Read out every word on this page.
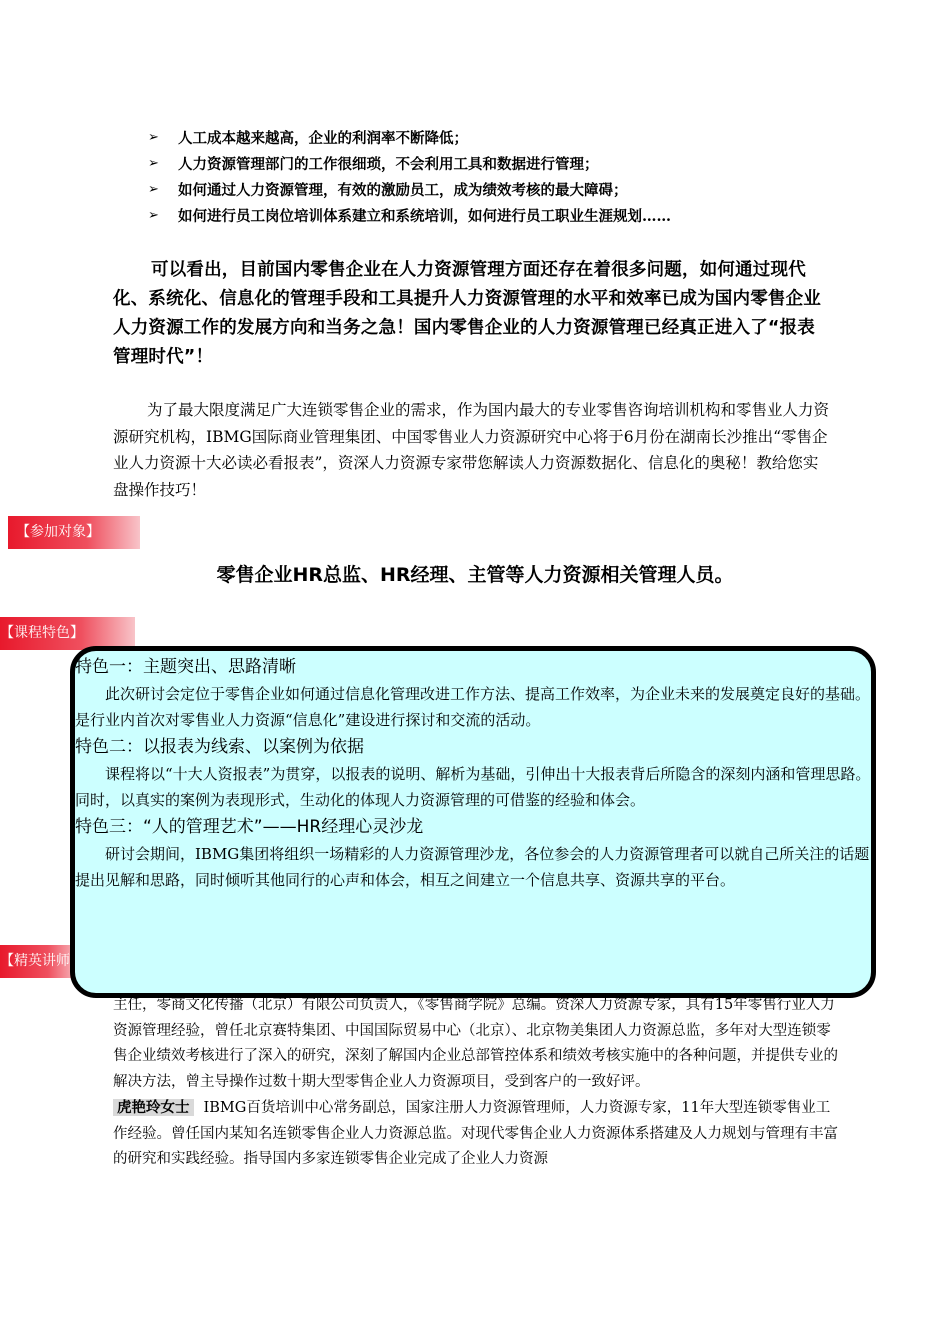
➢	人工成本越来越高，企业的利润率不断降低；
➢	人力资源管理部门的工作很细琐，不会利用工具和数据进行管理；
➢	如何通过人力资源管理，有效的激励员工，成为绩效考核的最大障碍；
➢	如何进行员工岗位培训体系建立和系统培训，如何进行员工职业生涯规划……

可以看出，目前国内零售企业在人力资源管理方面还存在着很多问题，如何通过现代化、系统化、信息化的管理手段和工具提升人力资源管理的水平和效率已成为国内零售企业人力资源工作的发展方向和当务之急！国内零售企业的人力资源管理已经真正进入了“报表管理时代”！

为了最大限度满足广大连锁零售企业的需求，作为国内最大的专业零售咨询培训机构和零售业人力资源研究机构，IBMG国际商业管理集团、中国零售业人力资源研究中心将于6月份在湖南长沙推出“零售企业人力资源十大必读必看报表”，资深人力资源专家带您解读人力资源数据化、信息化的奥秘！教给您实盘操作技巧！

【参加对象】

零售企业HR总监、HR经理、主管等人力资源相关管理人员。

【课程特色】
【精英讲师
特色一：主题突出、思路清晰

此次研讨会定位于零售企业如何通过信息化管理改进工作方法、提高工作效率，为企业未来的发展奠定良好的基础。是行业内首次对零售业人力资源“信息化”建设进行探讨和交流的活动。

特色二：以报表为线索、以案例为依据

课程将以“十大人资报表”为贯穿，以报表的说明、解析为基础，引伸出十大报表背后所隐含的深刻内涵和管理思路。同时，以真实的案例为表现形式，生动化的体现人力资源管理的可借鉴的经验和体会。

特色三：“人的管理艺术”——HR经理心灵沙龙

研讨会期间，IBMG集团将组织一场精彩的人力资源管理沙龙，各位参会的人力资源管理者可以就自己所关注的话题提出见解和思路，同时倾听其他同行的心声和体会，相互之间建立一个信息共享、资源共享的平台。

主任，零商文化传播（北京）有限公司负责人，《零售商学院》总编。资深人力资源专家，具有15年零售行业人力资源管理经验，曾任北京赛特集团、中国国际贸易中心（北京）、北京物美集团人力资源总监，多年对大型连锁零售企业绩效考核进行了深入的研究，深刻了解国内企业总部管控体系和绩效考核实施中的各种问题，并提供专业的解决方法，曾主导操作过数十期大型零售企业人力资源项目，受到客户的一致好评。

虎艳玲女士 IBMG百货培训中心常务副总，国家注册人力资源管理师，人力资源专家，11年大型连锁零售业工作经验。曾任国内某知名连锁零售企业人力资源总监。对现代零售企业人力资源体系搭建及人力规划与管理有丰富的研究和实践经验。指导国内多家连锁零售企业完成了企业人力资源
